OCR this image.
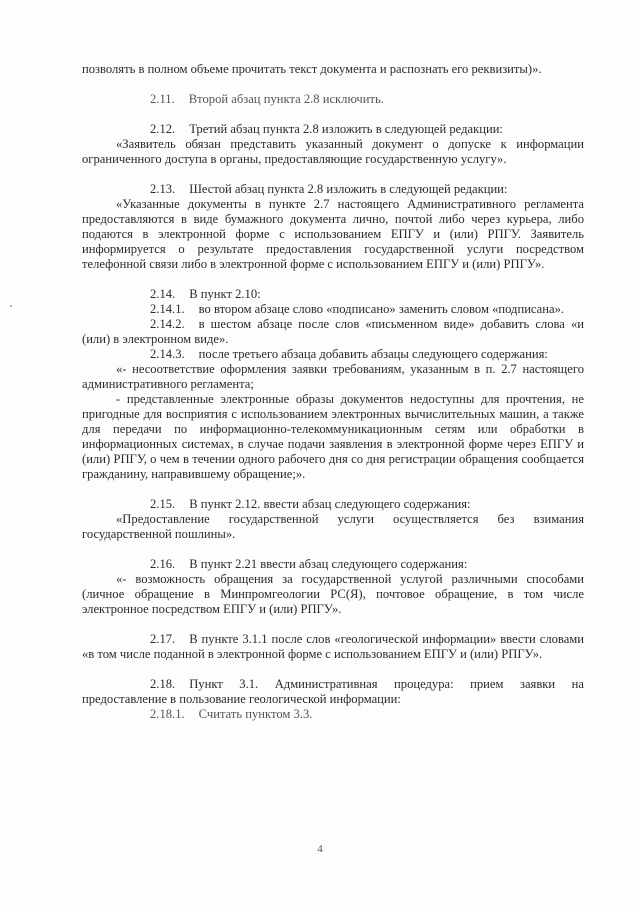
позволять в полном объеме прочитать текст документа и распознать его реквизиты)».

2.11. Второй абзац пункта 2.8 исключить.

2.12. Третий абзац пункта 2.8 изложить в следующей редакции:

«Заявитель обязан представить указанный документ о допуске к информации ограниченного доступа в органы, предоставляющие государственную услугу».

2.13. Шестой абзац пункта 2.8 изложить в следующей редакции:

«Указанные документы в пункте 2.7 настоящего Административного регламента предоставляются в виде бумажного документа лично, почтой либо через курьера, либо подаются в электронной форме с использованием ЕПГУ и (или) РПГУ. Заявитель информируется о результате предоставления государственной услуги посредством телефонной связи либо в электронной форме с использованием ЕПГУ и (или) РПГУ».

2.14. В пункт 2.10:

2.14.1. во втором абзаце слово «подписано» заменить словом «подписана».

2.14.2. в шестом абзаце после слов «письменном виде» добавить слова «и (или) в электронном виде».

2.14.3. после третьего абзаца добавить абзацы следующего содержания:

«- несоответствие оформления заявки требованиям, указанным в п. 2.7 настоящего административного регламента;

- представленные электронные образы документов недоступны для прочтения, не пригодные для восприятия с использованием электронных вычислительных машин, а также для передачи по информационно-телекоммуникационным сетям или обработки в информационных системах, в случае подачи заявления в электронной форме через ЕПГУ и (или) РПГУ, о чем в течении одного рабочего дня со дня регистрации обращения сообщается гражданину, направившему обращение;».

2.15. В пункт 2.12. ввести абзац следующего содержания:

«Предоставление государственной услуги осуществляется без взимания государственной пошлины».

2.16. В пункт 2.21 ввести абзац следующего содержания:

«- возможность обращения за государственной услугой различными способами (личное обращение в Минпромгеологии РС(Я), почтовое обращение, в том числе электронное посредством ЕПГУ и (или) РПГУ».

2.17. В пункте 3.1.1 после слов «геологической информации» ввести словами «в том числе поданной в электронной форме с использованием ЕПГУ и (или) РПГУ».

2.18. Пункт 3.1. Административная процедура: прием заявки на предоставление в пользование геологической информации:

2.18.1. Считать пунктом 3.3.

4
